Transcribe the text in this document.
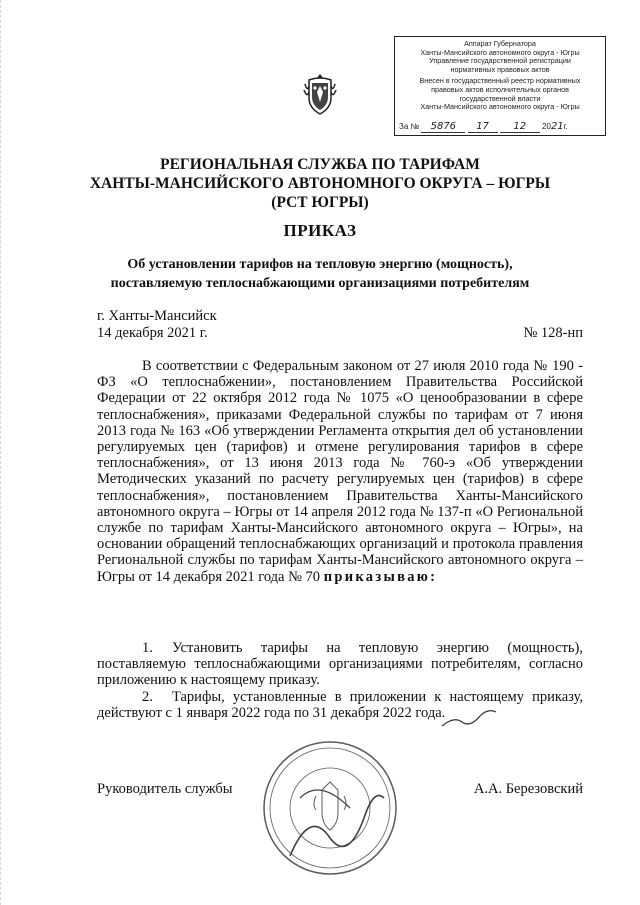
Аппарат Губернатора
Ханты-Мансийского автономного округа - Югры
Управление государственной регистрации
нормативных правовых актов
Внесен в государственный реестр нормативных
правовых актов исполнительных органов
государственной власти
Ханты-Мансийского автономного округа - Югры
За № 5876 17 12 2021г.
РЕГИОНАЛЬНАЯ СЛУЖБА ПО ТАРИФАМ
ХАНТЫ-МАНСИЙСКОГО АВТОНОМНОГО ОКРУГА – ЮГРЫ
(РСТ ЮГРЫ)
ПРИКАЗ
Об установлении тарифов на тепловую энергию (мощность),
поставляемую теплоснабжающими организациями потребителям
г. Ханты-Мансийск
14 декабря 2021 г.	№ 128-нп
В соответствии с Федеральным законом от 27 июля 2010 года № 190 - ФЗ «О теплоснабжении», постановлением Правительства Российской Федерации от 22 октября 2012 года № 1075 «О ценообразовании в сфере теплоснабжения», приказами Федеральной службы по тарифам от 7 июня 2013 года № 163 «Об утверждении Регламента открытия дел об установлении регулируемых цен (тарифов) и отмене регулирования тарифов в сфере теплоснабжения», от 13 июня 2013 года № 760-э «Об утверждении Методических указаний по расчету регулируемых цен (тарифов) в сфере теплоснабжения», постановлением Правительства Ханты-Мансийского автономного округа – Югры от 14 апреля 2012 года № 137-п «О Региональной службе по тарифам Ханты-Мансийского автономного округа – Югры», на основании обращений теплоснабжающих организаций и протокола правления Региональной службы по тарифам Ханты-Мансийского автономного округа – Югры от 14 декабря 2021 года № 70 приказываю:
1. Установить тарифы на тепловую энергию (мощность), поставляемую теплоснабжающими организациями потребителям, согласно приложению к настоящему приказу.
2. Тарифы, установленные в приложении к настоящему приказу, действуют с 1 января 2022 года по 31 декабря 2022 года.
Руководитель службы	А.А. Березовский
